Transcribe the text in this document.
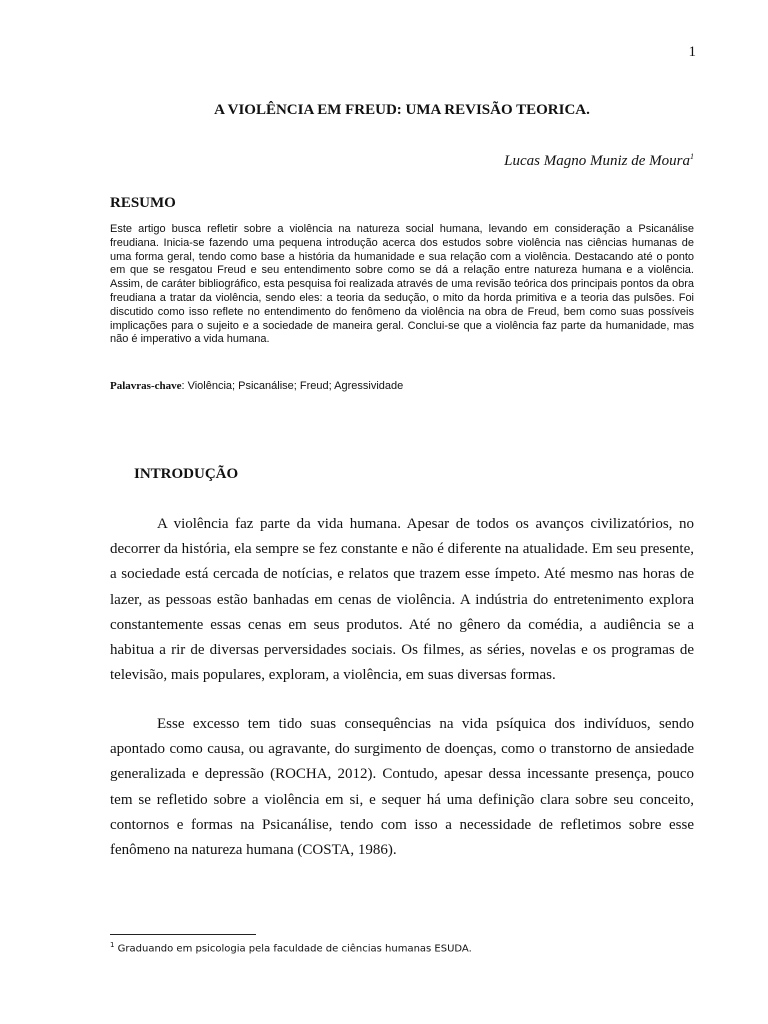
1
A VIOLÊNCIA EM FREUD: UMA REVISÃO TEORICA.
Lucas Magno Muniz de Moura$^1$
RESUMO

Este artigo busca refletir sobre a violência na natureza social humana, levando em consideração a Psicanálise freudiana. Inicia-se fazendo uma pequena introdução acerca dos estudos sobre violência nas ciências humanas de uma forma geral, tendo como base a história da humanidade e sua relação com a violência. Destacando até o ponto em que se resgatou Freud e seu entendimento sobre como se dá a relação entre natureza humana e a violência. Assim, de caráter bibliográfico, esta pesquisa foi realizada através de uma revisão teórica dos principais pontos da obra freudiana a tratar da violência, sendo eles: a teoria da sedução, o mito da horda primitiva e a teoria das pulsões. Foi discutido como isso reflete no entendimento do fenômeno da violência na obra de Freud, bem como suas possíveis implicações para o sujeito e a sociedade de maneira geral. Conclui-se que a violência faz parte da humanidade, mas não é imperativo a vida humana.

Palavras-chave: Violência; Psicanálise; Freud; Agressividade

INTRODUÇÃO

A violência faz parte da vida humana. Apesar de todos os avanços civilizatórios, no decorrer da história, ela sempre se fez constante e não é diferente na atualidade. Em seu presente, a sociedade está cercada de notícias, e relatos que trazem esse ímpeto. Até mesmo nas horas de lazer, as pessoas estão banhadas em cenas de violência. A indústria do entretenimento explora constantemente essas cenas em seus produtos. Até no gênero da comédia, a audiência se a habitua a rir de diversas perversidades sociais. Os filmes, as séries, novelas e os programas de televisão, mais populares, exploram, a violência, em suas diversas formas.

Esse excesso tem tido suas consequências na vida psíquica dos indivíduos, sendo apontado como causa, ou agravante, do surgimento de doenças, como o transtorno de ansiedade generalizada e depressão (ROCHA, 2012). Contudo, apesar dessa incessante presença, pouco tem se refletido sobre a violência em si, e sequer há uma definição clara sobre seu conceito, contornos e formas na Psicanálise, tendo com isso a necessidade de refletimos sobre esse fenômeno na natureza humana (COSTA, 1986).

$^1$ Graduando em psicologia pela faculdade de ciências humanas ESUDA.
